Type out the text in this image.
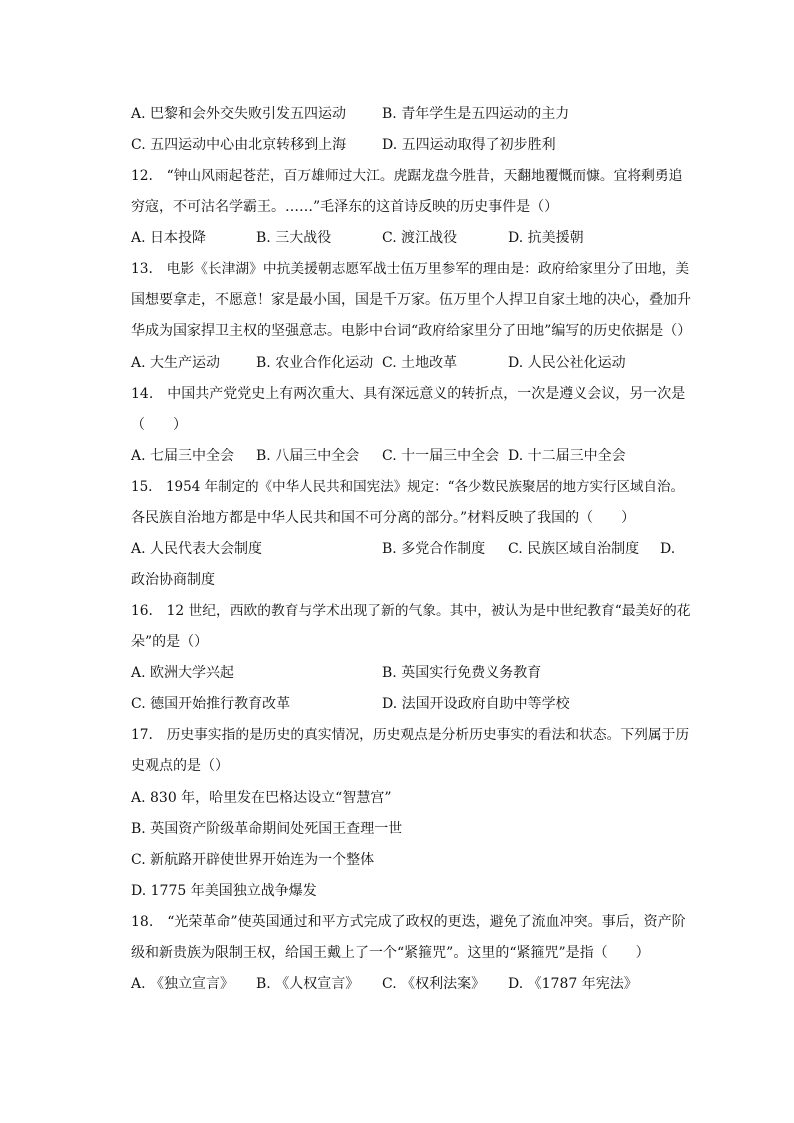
A. 巴黎和会外交失败引发五四运动	B. 青年学生是五四运动的主力
C. 五四运动中心由北京转移到上海	D. 五四运动取得了初步胜利
12.　“钟山风雨起苍茫，百万雄师过大江。虎踞龙盘今胜昔，天翻地覆慨而慷。宜将剩勇追
穷寇，不可沽名学霸王。……”毛泽东的这首诗反映的历史事件是（）
A. 日本投降	B. 三大战役	C. 渡江战役	D. 抗美援朝
13.　电影《长津湖》中抗美援朝志愿军战士伍万里参军的理由是：政府给家里分了田地，美
国想要拿走，不愿意！家是最小国，国是千万家。伍万里个人捍卫自家土地的决心，叠加升
华成为国家捍卫主权的坚强意志。电影中台词“政府给家里分了田地”编写的历史依据是（）
A. 大生产运动	B. 农业合作化运动 C. 土地改革	D. 人民公社化运动
14.　中国共产党党史上有两次重大、具有深远意义的转折点，一次是遵义会议，另一次是
（　　）
A. 七届三中全会 B. 八届三中全会 C. 十一届三中全会 D. 十二届三中全会
15.　1954 年制定的《中华人民共和国宪法》规定：“各少数民族聚居的地方实行区域自治。
各民族自治地方都是中华人民共和国不可分离的部分。”材料反映了我国的（　　）
A. 人民代表大会制度	B. 多党合作制度 C. 民族区域自治制度 D.
政治协商制度
16.　12 世纪，西欧的教育与学术出现了新的气象。其中，被认为是中世纪教育“最美好的花
朵”的是（）
A. 欧洲大学兴起	B. 英国实行免费义务教育
C. 德国开始推行教育改革	D. 法国开设政府自助中等学校
17.　历史事实指的是历史的真实情况，历史观点是分析历史事实的看法和状态。下列属于历
史观点的是（）
A. 830 年，哈里发在巴格达设立“智慧宫”
B. 英国资产阶级革命期间处死国王查理一世
C. 新航路开辟使世界开始连为一个整体
D. 1775 年美国独立战争爆发
18.　“光荣革命”使英国通过和平方式完成了政权的更迭，避免了流血冲突。事后，资产阶
级和新贵族为限制王权，给国王戴上了一个“紧箍咒”。这里的“紧箍咒”是指（　　）
A. 《独立宣言》 B. 《人权宣言》 C. 《权利法案》 D. 《1787 年宪法》
